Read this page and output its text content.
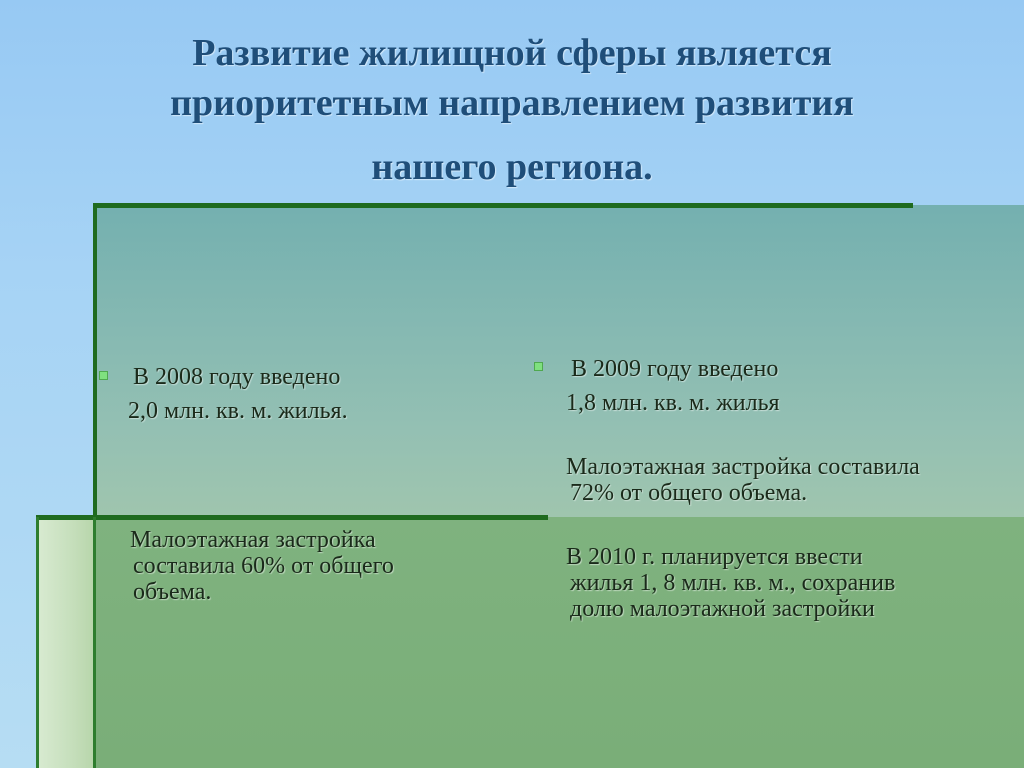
Развитие жилищной сферы является
приоритетным направлением развития
нашего региона.

В 2008 году введено

2,0 млн. кв. м. жилья.

Малоэтажная застройка

составила 60% от общего

объема.

В 2009 году введено

1,8 млн. кв. м. жилья

Малоэтажная застройка составила

72% от общего объема.

В 2010 г. планируется ввести

жилья 1, 8 млн. кв. м., сохранив

долю малоэтажной застройки
